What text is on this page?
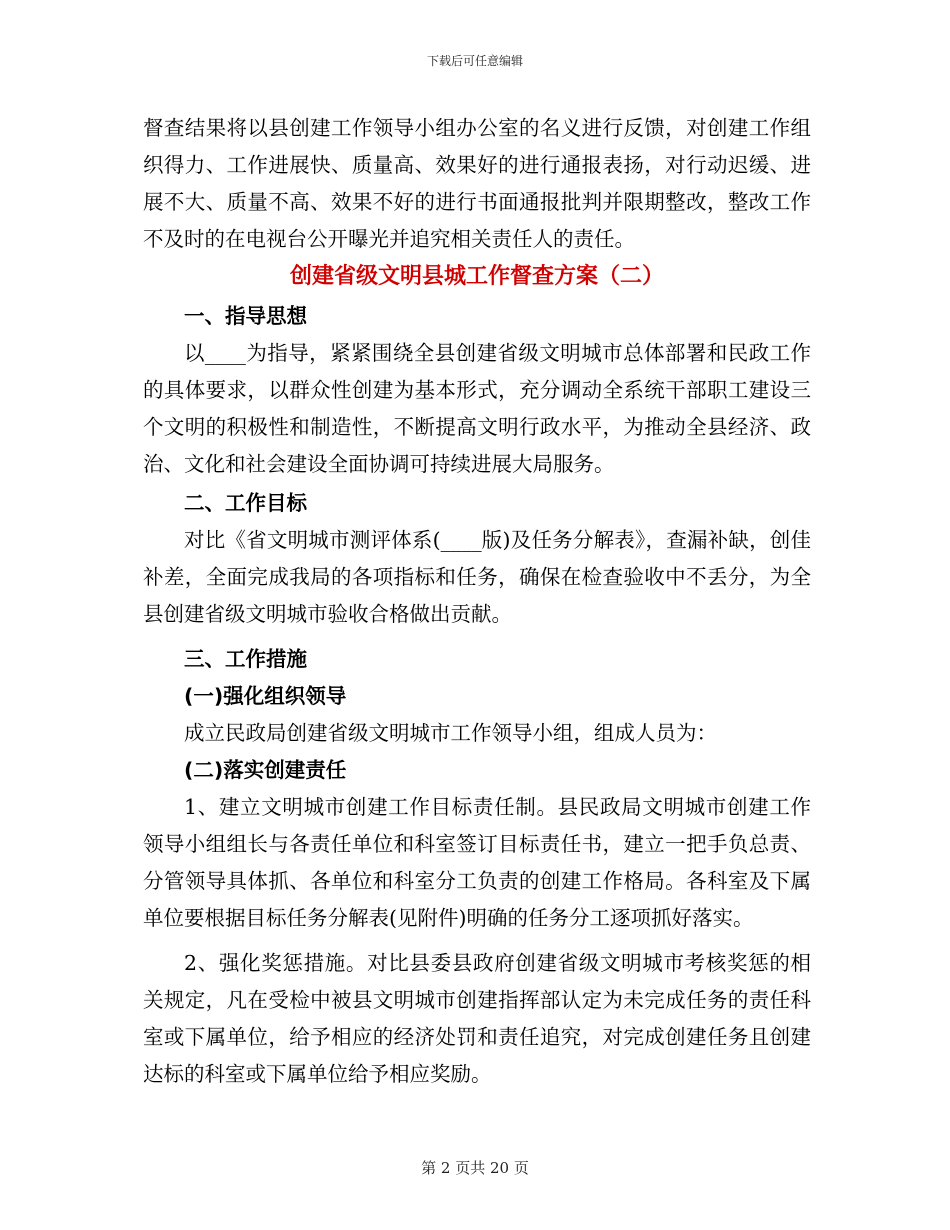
下载后可任意编辑

督查结果将以县创建工作领导小组办公室的名义进行反馈，对创建工作组织得力、工作进展快、质量高、效果好的进行通报表扬，对行动迟缓、进展不大、质量不高、效果不好的进行书面通报批判并限期整改，整改工作不及时的在电视台公开曝光并追究相关责任人的责任。

创建省级文明县城工作督查方案（二）

一、指导思想

以____为指导，紧紧围绕全县创建省级文明城市总体部署和民政工作的具体要求，以群众性创建为基本形式，充分调动全系统干部职工建设三个文明的积极性和制造性，不断提高文明行政水平，为推动全县经济、政治、文化和社会建设全面协调可持续进展大局服务。

二、工作目标

对比《省文明城市测评体系(____版)及任务分解表》，查漏补缺，创佳补差，全面完成我局的各项指标和任务，确保在检查验收中不丢分，为全县创建省级文明城市验收合格做出贡献。

三、工作措施

(一)强化组织领导

成立民政局创建省级文明城市工作领导小组，组成人员为：

(二)落实创建责任

1、建立文明城市创建工作目标责任制。县民政局文明城市创建工作领导小组组长与各责任单位和科室签订目标责任书，建立一把手负总责、分管领导具体抓、各单位和科室分工负责的创建工作格局。各科室及下属单位要根据目标任务分解表(见附件)明确的任务分工逐项抓好落实。

2、强化奖惩措施。对比县委县政府创建省级文明城市考核奖惩的相关规定，凡在受检中被县文明城市创建指挥部认定为未完成任务的责任科室或下属单位，给予相应的经济处罚和责任追究，对完成创建任务且创建达标的科室或下属单位给予相应奖励。

第 2 页共 20 页
